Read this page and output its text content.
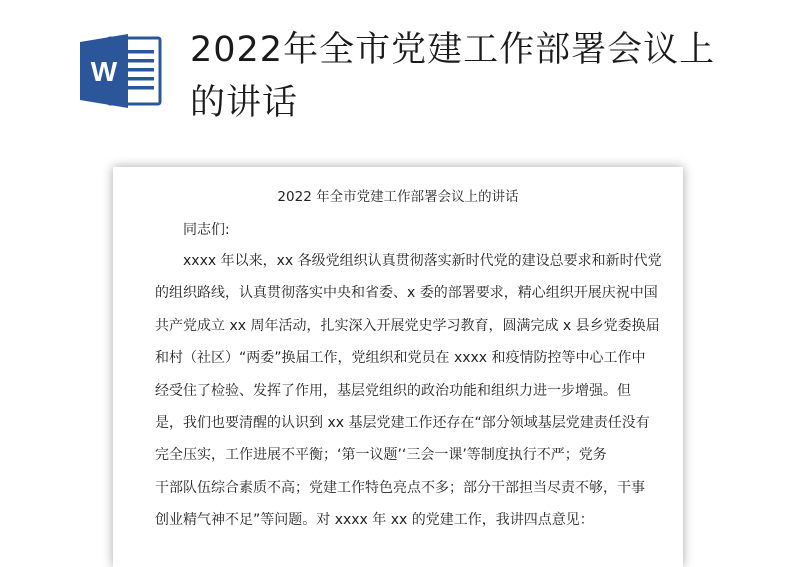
W
2022年全市党建工作部署会议上的讲话
2022 年全市党建工作部署会议上的讲话
同志们:
xxxx 年以来，xx 各级党组织认真贯彻落实新时代党的建设总要求和新时代党
的组织路线，认真贯彻落实中央和省委、x 委的部署要求，精心组织开展庆祝中国
共产党成立 xx 周年活动，扎实深入开展党史学习教育，圆满完成 x 县乡党委换届
和村（社区）“两委”换届工作，党组织和党员在 xxxx 和疫情防控等中心工作中
经受住了检验、发挥了作用，基层党组织的政治功能和组织力进一步增强。但
是，我们也要清醒的认识到 xx 基层党建工作还存在“部分领域基层党建责任没有
完全压实，工作进展不平衡；‘第一议题’‘三会一课’等制度执行不严；党务
干部队伍综合素质不高；党建工作特色亮点不多；部分干部担当尽责不够，干事
创业精气神不足”等问题。对 xxxx 年 xx 的党建工作，我讲四点意见：
